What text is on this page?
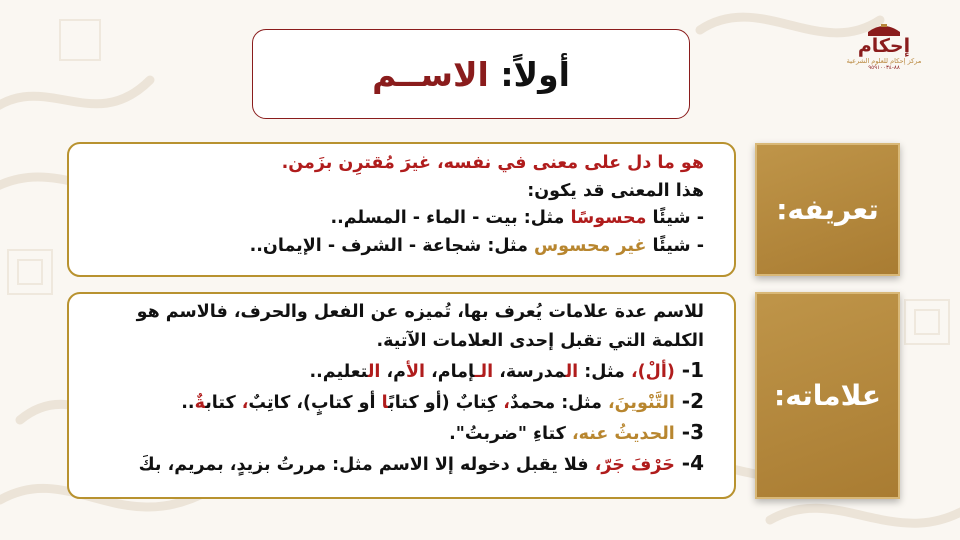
إحكام
مركز إحكام للعلوم الشرعية
٨٨-٩٥٩١٠٠٣٤
أولاً: الاســم
تعريفه:
هو ما دل على معنى في نفسه، غيرَ مُقترِن بزَمن.
هذا المعنى قد يكون:
- شيئًا محسوسًا مثل: بيت - الماء - المسلم..
- شيئًا غير محسوس مثل: شجاعة - الشرف - الإيمان..
علاماته:
للاسم عدة علامات يُعرف بها، تُميزه عن الفعل والحرف، فالاسم هو الكلمة التي تقبل إحدى العلامات الآتية.
1- (ألْ)، مثل: المدرسة، الـإمام، الأم، التعليم..
2- التَّنْوينَ، مثل: محمدٌ، كِتاب (أو كتابًا أو كتاب)، كاتِبٌ، كتابةٌ..
3- الحديثُ عنه، كتاءِ "ضربتُ".
4- حَرْفَ جَرّ، فلا يقبل دخوله إلا الاسم مثل: مررتُ بزيدٍ، بمريم، بكَ
